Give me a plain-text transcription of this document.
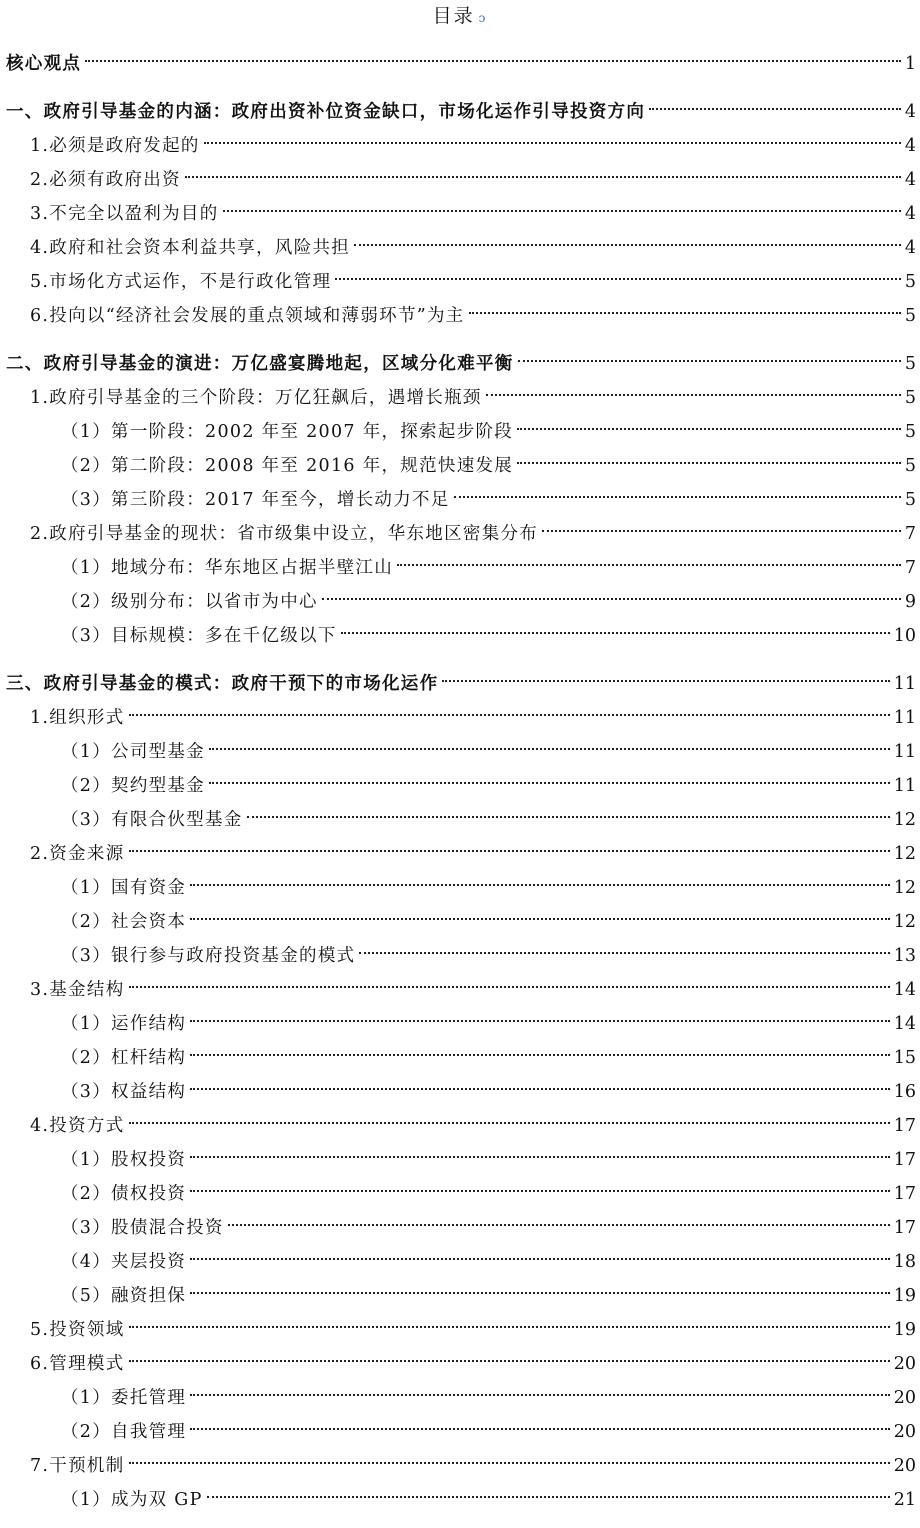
目录 ↄ
核心观点	1
一、政府引导基金的内涵：政府出资补位资金缺口，市场化运作引导投资方向	4
1.必须是政府发起的	4
2.必须有政府出资	4
3.不完全以盈利为目的	4
4.政府和社会资本利益共享，风险共担	4
5.市场化方式运作，不是行政化管理	5
6.投向以“经济社会发展的重点领域和薄弱环节”为主	5
二、政府引导基金的演进：万亿盛宴腾地起，区域分化难平衡	5
1.政府引导基金的三个阶段：万亿狂飙后，遇增长瓶颈	5
（1）第一阶段：2002 年至 2007 年，探索起步阶段	5
（2）第二阶段：2008 年至 2016 年，规范快速发展	5
（3）第三阶段：2017 年至今，增长动力不足	5
2.政府引导基金的现状：省市级集中设立，华东地区密集分布	7
（1）地域分布：华东地区占据半壁江山	7
（2）级别分布：以省市为中心	9
（3）目标规模：多在千亿级以下	10
三、政府引导基金的模式：政府干预下的市场化运作	11
1.组织形式	11
（1）公司型基金	11
（2）契约型基金	11
（3）有限合伙型基金	12
2.资金来源	12
（1）国有资金	12
（2）社会资本	12
（3）银行参与政府投资基金的模式	13
3.基金结构	14
（1）运作结构	14
（2）杠杆结构	15
（3）权益结构	16
4.投资方式	17
（1）股权投资	17
（2）债权投资	17
（3）股债混合投资	17
（4）夹层投资	18
（5）融资担保	19
5.投资领域	19
6.管理模式	20
（1）委托管理	20
（2）自我管理	20
7.干预机制	20
（1）成为双 GP	21
